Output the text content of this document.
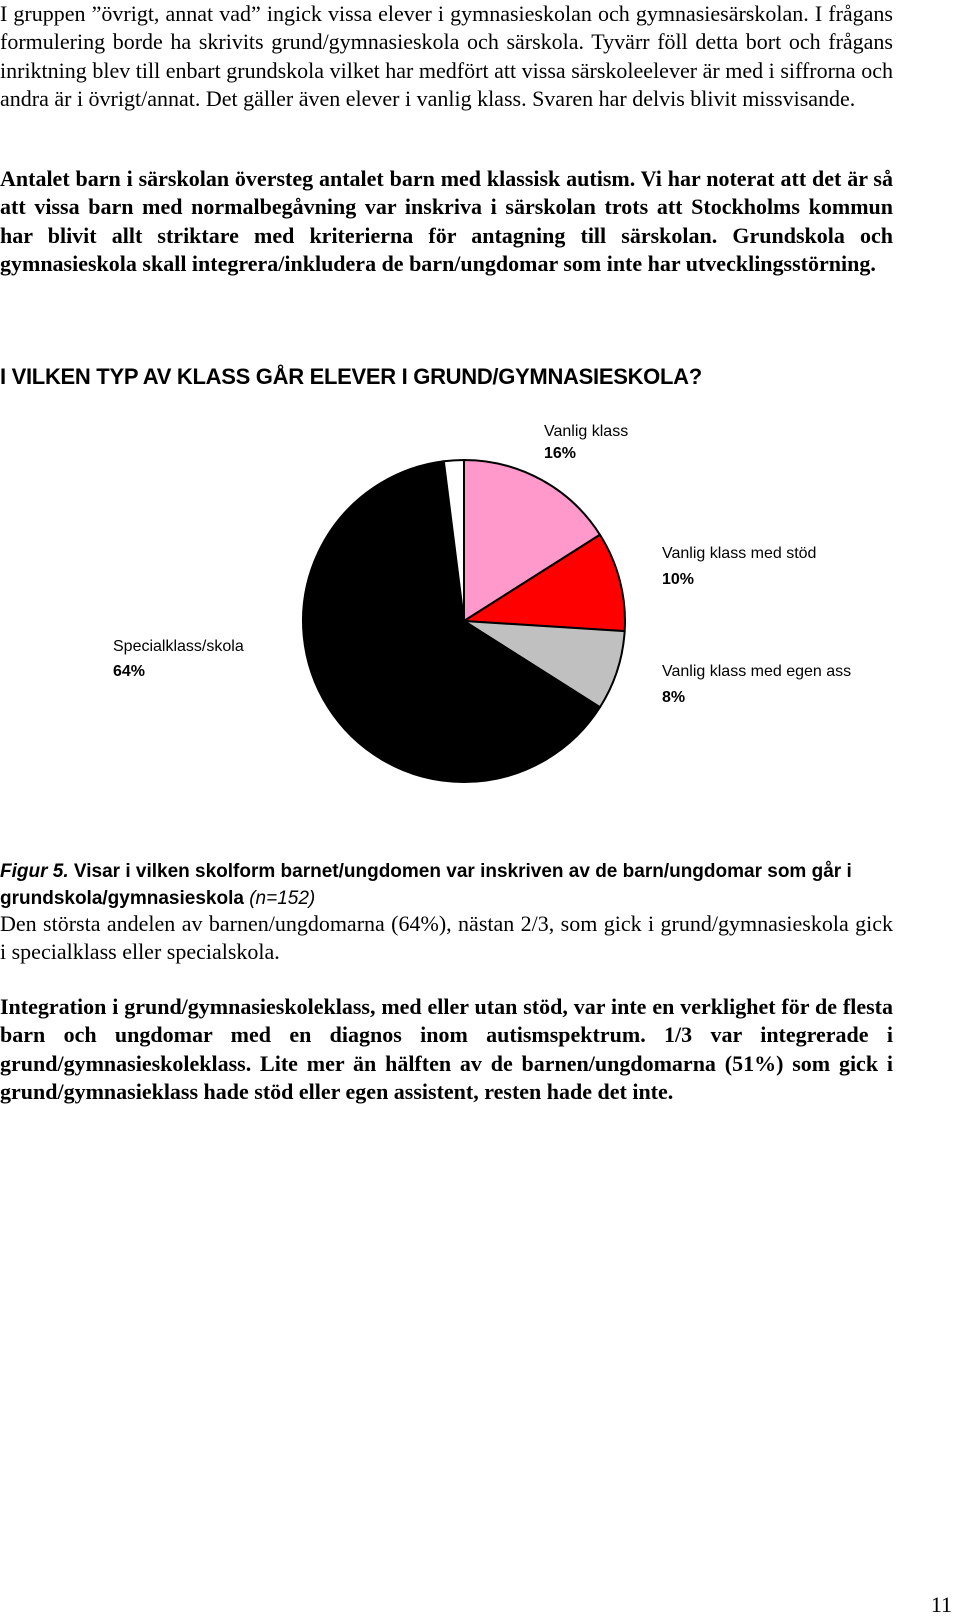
I gruppen ”övrigt, annat vad” ingick vissa elever i gymnasieskolan och gymnasiesärskolan. I frågans formulering borde ha skrivits grund/gymnasieskola och särskola. Tyvärr föll detta bort och frågans inriktning blev till enbart grundskola vilket har medfört att vissa särskoleelever är med i siffrorna och andra är i övrigt/annat. Det gäller även elever i vanlig klass. Svaren har delvis blivit missvisande.

Antalet barn i särskolan översteg antalet barn med klassisk autism. Vi har noterat att det är så att vissa barn med normalbegåvning var inskriva i särskolan trots att Stockholms kommun har blivit allt striktare med kriterierna för antagning till särskolan. Grundskola och gymnasieskola skall integrera/inkludera de barn/ungdomar som inte har utvecklingsstörning.

I VILKEN TYP AV KLASS GÅR ELEVER I GRUND/GYMNASIESKOLA?
Vanlig klass
16%
Vanlig klass med stöd
10%
Vanlig klass med egen ass
8%
Specialklass/skola
64%

Figur 5. Visar i vilken skolform barnet/ungdomen var inskriven av de barn/ungdomar som går i grundskola/gymnasieskola (n=152)

Den största andelen av barnen/ungdomarna (64%), nästan 2/3, som gick i grund/gymnasieskola gick i specialklass eller specialskola.

Integration i grund/gymnasieskoleklass, med eller utan stöd, var inte en verklighet för de flesta barn och ungdomar med en diagnos inom autismspektrum. 1/3 var integrerade i grund/gymnasieskoleklass. Lite mer än hälften av de barnen/ungdomarna (51%) som gick i grund/gymnasieklass hade stöd eller egen assistent, resten hade det inte.

11
